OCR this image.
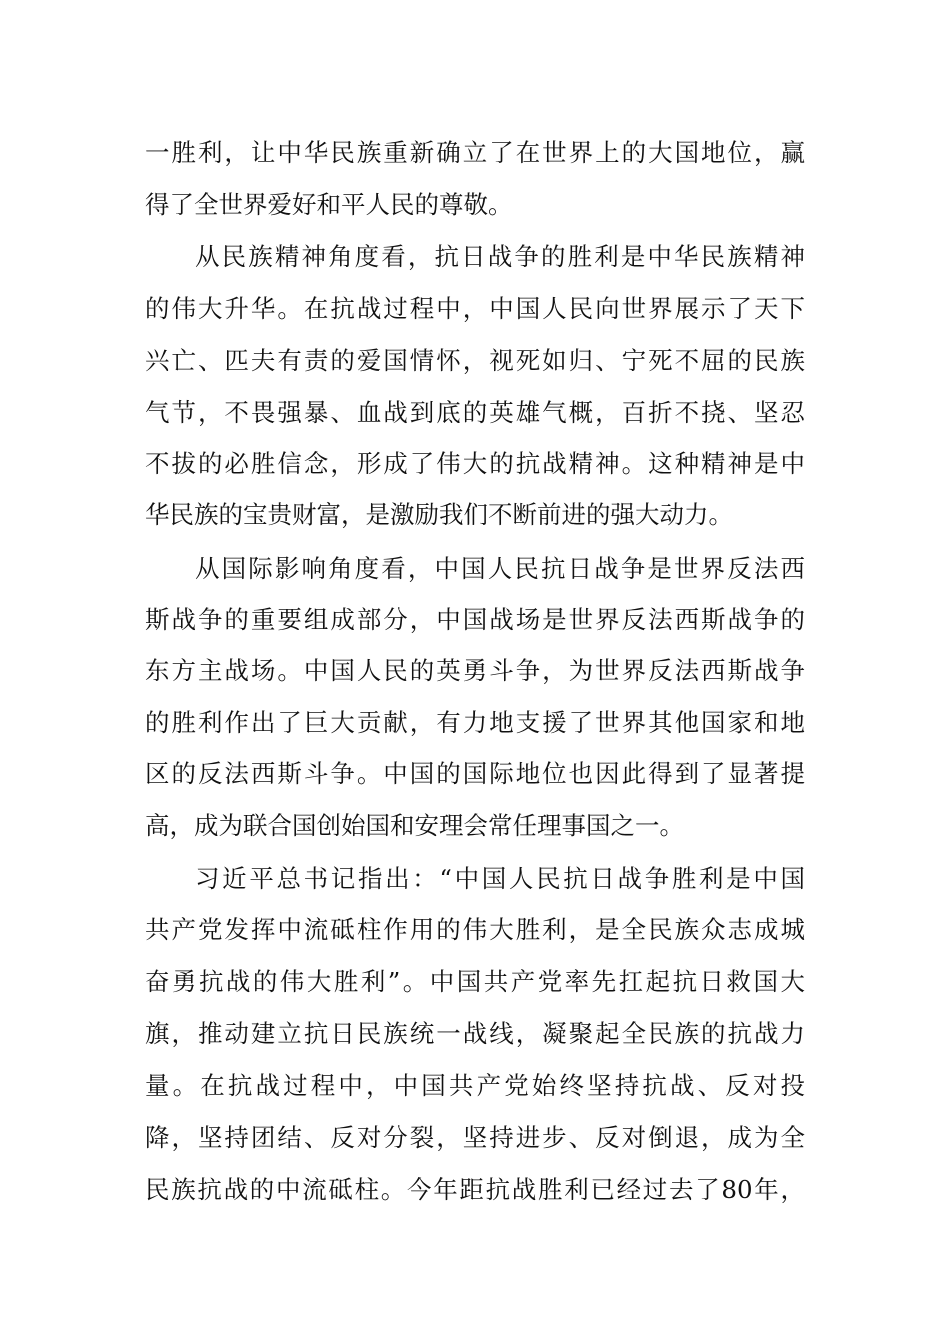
一胜利，让中华民族重新确立了在世界上的大国地位，赢
得了全世界爱好和平人民的尊敬。
从民族精神角度看，抗日战争的胜利是中华民族精神
的伟大升华。在抗战过程中，中国人民向世界展示了天下
兴亡、匹夫有责的爱国情怀，视死如归、宁死不屈的民族
气节，不畏强暴、血战到底的英雄气概，百折不挠、坚忍
不拔的必胜信念，形成了伟大的抗战精神。这种精神是中
华民族的宝贵财富，是激励我们不断前进的强大动力。
从国际影响角度看，中国人民抗日战争是世界反法西
斯战争的重要组成部分，中国战场是世界反法西斯战争的
东方主战场。中国人民的英勇斗争，为世界反法西斯战争
的胜利作出了巨大贡献，有力地支援了世界其他国家和地
区的反法西斯斗争。中国的国际地位也因此得到了显著提
高，成为联合国创始国和安理会常任理事国之一。
习近平总书记指出：“中国人民抗日战争胜利是中国
共产党发挥中流砥柱作用的伟大胜利，是全民族众志成城
奋勇抗战的伟大胜利”。中国共产党率先扛起抗日救国大
旗，推动建立抗日民族统一战线，凝聚起全民族的抗战力
量。在抗战过程中，中国共产党始终坚持抗战、反对投
降，坚持团结、反对分裂，坚持进步、反对倒退，成为全
民族抗战的中流砥柱。今年距抗战胜利已经过去了80年，
